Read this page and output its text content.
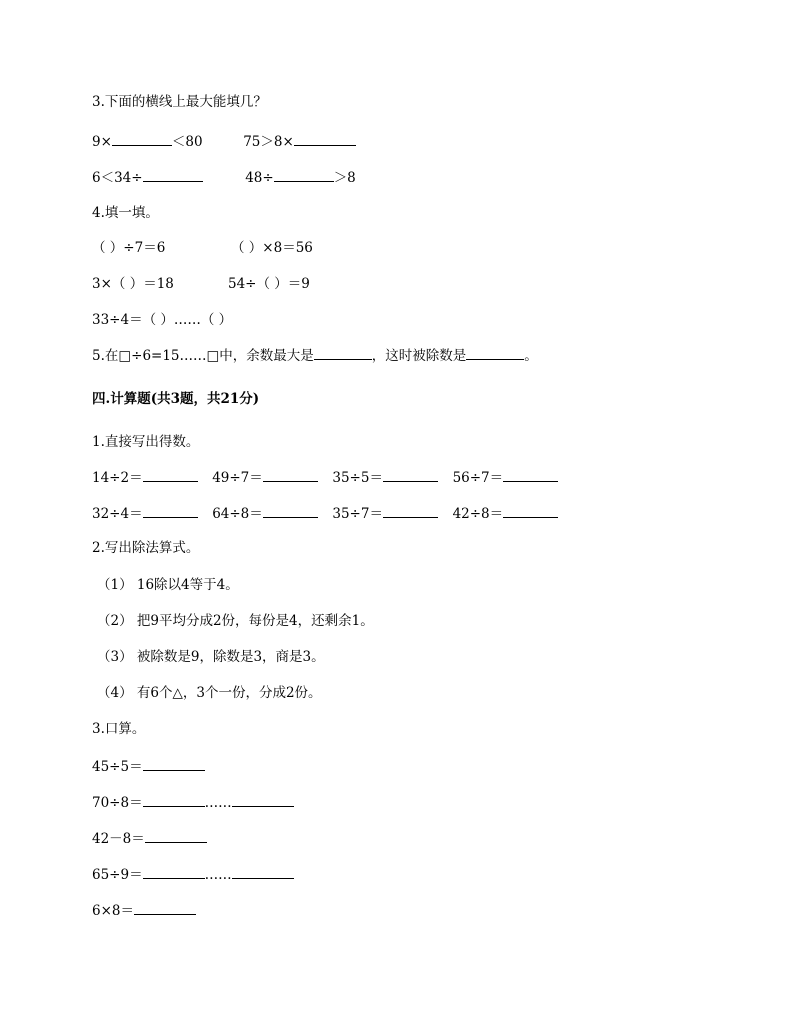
3.下面的横线上最大能填几？
9×	＜80	75＞8×
6＜34÷	48÷	＞8
4.填一填。
（ ）÷7＝6	（ ）×8＝56
3×（ ）＝18	54÷（ ）＝9
33÷4＝（ ）……（ ）
5.在□÷6=15……□中，余数最大是	，这时被除数是	。
四.计算题(共3题，共21分)
1.直接写出得数。
14÷2＝	49÷7＝	35÷5＝	56÷7＝
32÷4＝	64÷8＝	35÷7＝	42÷8＝
2.写出除法算式。
（1） 16除以4等于4。
（2） 把9平均分成2份，每份是4，还剩余1。
（3） 被除数是9，除数是3，商是3。
（4） 有6个△，3个一份，分成2份。
3.口算。
45÷5＝
70÷8＝	……
42－8＝
65÷9＝	……
6×8＝
